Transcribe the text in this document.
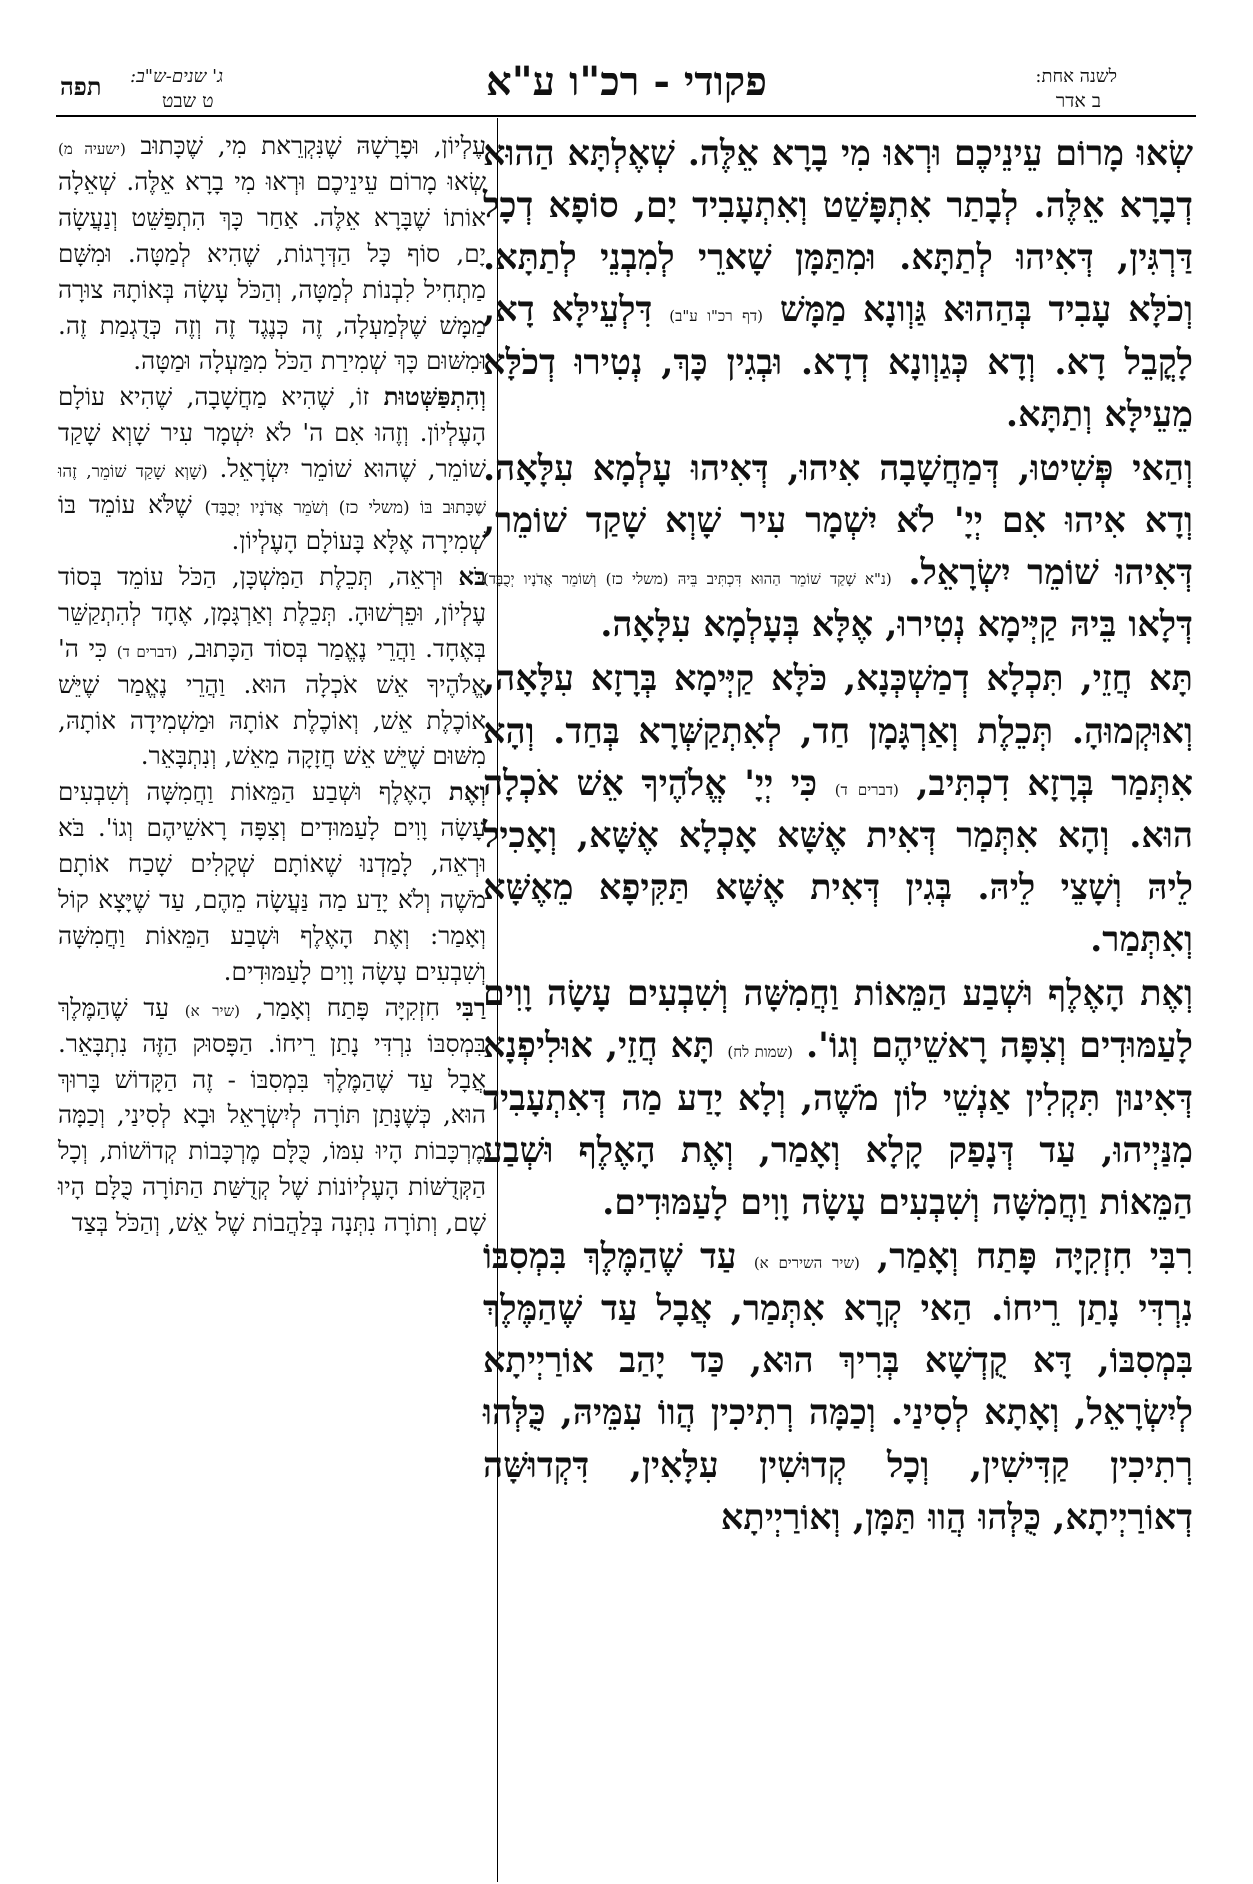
לשנה אחת:
ב אדר
פקודי - רכ"ו ע"א
ג' שנים-ש"ב:
ט שבט
תפה

שְׂאוּ מָרוֹם עֵינֵיכֶם וּרְאוּ מִי בָרָא אֵלֶּה. שְׁאֶלְתָּא הַהוּא דְבָרָא אֵלֶּה. לְבָתַר אִתְפָּשַׁט וְאִתְעָבִיד יָם, סוֹפָא דְכָל דַּרְגִּין, דְּאִיהוּ לְתַתָּא. וּמִתַּמָּן שָׁארֵי לְמִבְנֵי לְתַתָּא. וְכֹלָּא עָבִיד בְּהַהוּא גַּוְונָא מַמָּשׁ (דף רכ"ו ע"ב) דִּלְעֵילָּא דָא, לָקֳבֵל דָא. וְדָא כְּגַוְונָא דְדָא. וּבְגִין כָּךְ, נְטִירוּ דְכֹלָּא מֵעֵילָּא וְתַתָּא.

וְהַאי פְּשִׁיטוּ, דְּמַחֲשָׁבָה אִיהוּ, דְּאִיהוּ עָלְמָא עִלָּאָה. וְדָא אִיהוּ אִם יְיָ' לֹא יִשְׁמָר עִיר שָׁוְא שָׁקַד שׁוֹמֵר, דְּאִיהוּ שׁוֹמֵר יִשְׂרָאֵל. (נ"א שָׁקַד שׁוֹמֵר הַהוּא דִּכְתִּיב בֵּיהּ (משלי כז) וְשׁוֹמֵר אֲדֹנָיו יְכֻבָּד) דְּלָאו בֵּיהּ קַיְּימָא נְטִירוּ, אֶלָּא בְּעָלְמָא עִלָּאָה.

תָּא חֲזֵי, תִּכְלָא דְמַשְׁכְּנָא, כֹּלָּא קַיְּימָא בְּרָזָא עִלָּאָה, וְאוּקְמוּהָ. תְּכֵלֶת וְאַרְגָּמָן חַד, לְאִתְקַשְּׁרָא בְּחַד. וְהָא אִתְּמַר בְּרָזָא דִכְתִּיב, (דברים ד) כִּי יְיָ' אֱלֹהֶיךָ אֵשׁ אֹכְלָה הוּא. וְהָא אִתְּמַר דְּאִית אֶשָּׁא אָכְלָא אֶשָּׁא, וְאָכִיל לֵיהּ וְשָׁצֵי לֵיהּ. בְּגִין דְּאִית אֶשָּׁא תַּקִּיפָא מֵאֶשָּׁא וְאִתְּמַר.

וְאֶת הָאֶלֶף וּשְׁבַע הַמֵּאוֹת וַחֲמִשָּׁה וְשִׁבְעִים עָשָׂה וָוִים לָעַמּוּדִים וְצִפָּה רָאשֵׁיהֶם וְגוֹ'. (שמות לח) תָּא חֲזֵי, אוּלִיפְנָא דְּאִינוּן תִּקְלִין אַנְשֵׁי לוֹן מֹשֶׁה, וְלָא יָדַע מַה דְּאִתְעָבִיד מִנַּיְיהוּ, עַד דְּנָפַק קָלָא וְאָמַר, וְאֶת הָאֶלֶף וּשְׁבַע הַמֵּאוֹת וַחֲמִשָּׁה וְשִׁבְעִים עָשָׂה וָוִים לָעַמּוּדִים.

רִבִּי חִזְקִיָּה פָּתַח וְאָמַר, (שיר השירים א) עַד שֶׁהַמֶּלֶךְ בִּמְסִבּוֹ נִרְדִּי נָתַן רֵיחוֹ. הַאי קְרָא אִתְּמַר, אֲבָל עַד שֶׁהַמֶּלֶךְ בִּמְסִבּוֹ, דָּא קֻדְשָׁא בְּרִיךְ הוּא, כַּד יָהַב אוֹרַיְיתָא לְיִשְׂרָאֵל, וְאָתָא לְסִינַי. וְכַמָּה רְתִיכִין הֲווֹ עִמֵּיהּ, כֻּלְּהוּ רְתִיכִין קַדִּישִׁין, וְכָל קְדוּשִׁין עִלָּאִין, דִּקְדוּשָּׁה דְאוֹרַיְיתָא, כֻּלְּהוּ הֲווּ תַּמָּן, וְאוֹרַיְיתָא

עֶלְיוֹן, וּפָרָשָׁהּ שֶׁנִּקְרֵאת מִי, שֶׁכָּתוּב (ישעיה מ) שְׂאוּ מָרוֹם עֵינֵיכֶם וּרְאוּ מִי בָרָא אֵלֶּה. שְׁאֵלָה אוֹתוֹ שֶׁבָּרָא אֵלֶּה. אַחַר כָּךְ הִתְפַּשֵּׁט וְנַעֲשָׂה יָם, סוֹף כָּל הַדְּרָגוֹת, שֶׁהִיא לְמַטָּה. וּמִשָּׁם מַתְחִיל לִבְנוֹת לְמַטָּה, וְהַכֹּל עָשָׂה בְּאוֹתָהּ צוּרָה מַמָּשׁ שֶׁלְּמַעְלָה, זֶה כְּנֶגֶד זֶה וְזֶה כְּדֻגְמַת זֶה. וּמִשּׁוּם כָּךְ שְׁמִירַת הַכֹּל מִמַּעְלָה וּמַטָּה.

וְהִתְפַּשְּׁטוּת זוֹ, שֶׁהִיא מַחֲשָׁבָה, שֶׁהִיא עוֹלָם הָעֶלְיוֹן. וְזֶהוּ אִם ה' לֹא יִשְׁמָר עִיר שָׁוְא שָׁקַד שׁוֹמֵר, שֶׁהוּא שׁוֹמֵר יִשְׂרָאֵל. (שָׁוְא שָׁקַד שׁוֹמֵר, זֶהוּ שֶׁכָּתוּב בּוֹ (משלי כז) וְשֹׁמֵר אֲדֹנָיו יְכֻבָּד) שֶׁלֹּא עוֹמֵד בּוֹ שְׁמִירָה אֶלָּא בָּעוֹלָם הָעֶלְיוֹן.

בֹּא וּרְאֵה, תְּכֵלֶת הַמִּשְׁכָּן, הַכֹּל עוֹמֵד בְּסוֹד עֶלְיוֹן, וּפֵרְשׁוּהָ. תְּכֵלֶת וְאַרְגָּמָן, אֶחָד לְהִתְקַשֵּׁר בְּאֶחָד. וַהֲרֵי נֶאֱמַר בְּסוֹד הַכָּתוּב, (דברים ד) כִּי ה' אֱלֹהֶיךָ אֵשׁ אֹכְלָה הוּא. וַהֲרֵי נֶאֱמַר שֶׁיֵּשׁ אוֹכֶלֶת אֵשׁ, וְאוֹכֶלֶת אוֹתָהּ וּמַשְׁמִידָה אוֹתָהּ, מִשּׁוּם שֶׁיֵּשׁ אֵשׁ חֲזָקָה מֵאֵשׁ, וְנִתְבָּאֵר.

וְאֶת הָאֶלֶף וּשְׁבַע הַמֵּאוֹת וַחֲמִשָּׁה וְשִׁבְעִים עָשָׂה וָוִים לָעַמּוּדִים וְצִפָּה רָאשֵׁיהֶם וְגוֹ'. בֹּא וּרְאֵה, לָמַדְנוּ שֶׁאוֹתָם שְׁקָלִים שָׁכַח אוֹתָם מֹשֶׁה וְלֹא יָדַע מַה נַּעֲשָׂה מֵהֶם, עַד שֶׁיָּצָא קוֹל וְאָמַר: וְאֶת הָאֶלֶף וּשְׁבַע הַמֵּאוֹת וַחֲמִשָּׁה וְשִׁבְעִים עָשָׂה וָוִים לָעַמּוּדִים.

רַבִּי חִזְקִיָּה פָּתַח וְאָמַר, (שיר א) עַד שֶׁהַמֶּלֶךְ בִּמְסִבּוֹ נִרְדִּי נָתַן רֵיחוֹ. הַפָּסוּק הַזֶּה נִתְבָּאֵר. אֲבָל עַד שֶׁהַמֶּלֶךְ בִּמְסִבּוֹ - זֶה הַקָּדוֹשׁ בָּרוּךְ הוּא, כְּשֶׁנָּתַן תּוֹרָה לְיִשְׂרָאֵל וּבָא לְסִינַי, וְכַמָּה מֶרְכָּבוֹת הָיוּ עִמּוֹ, כֻּלָּם מֶרְכָּבוֹת קְדוֹשׁוֹת, וְכָל הַקְּדֻשּׁוֹת הָעֶלְיוֹנוֹת שֶׁל קְדֻשַּׁת הַתּוֹרָה כֻּלָּם הָיוּ שָׁם, וְתוֹרָה נִתְּנָה בְּלַהֲבוֹת שֶׁל אֵשׁ, וְהַכֹּל בְּצַד
